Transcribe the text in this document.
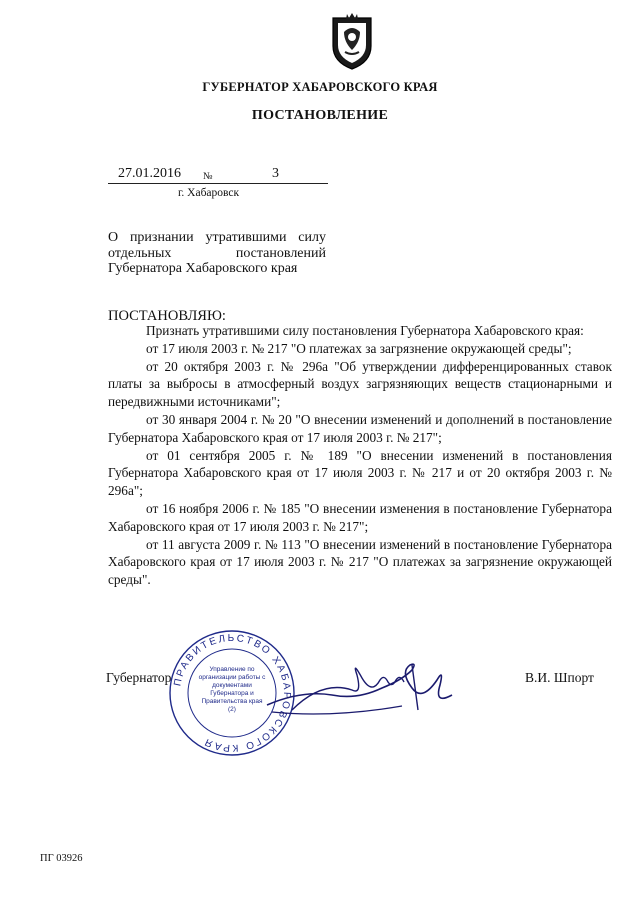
ГУБЕРНАТОР ХАБАРОВСКОГО КРАЯ
ПОСТАНОВЛЕНИЕ
27.01.2016 №	3
г. Хабаровск
О признании утратившими силу отдельных постановлений Губернатора Хабаровского края
ПОСТАНОВЛЯЮ:

Признать утратившими силу постановления Губернатора Хабаровского края:

от 17 июля 2003 г. № 217 "О платежах за загрязнение окружающей среды";

от 20 октября 2003 г. № 296а "Об утверждении дифференцированных ставок платы за выбросы в атмосферный воздух загрязняющих веществ стационарными и передвижными источниками";

от 30 января 2004 г. № 20 "О внесении изменений и дополнений в постановление Губернатора Хабаровского края от 17 июля 2003 г. № 217";

от 01 сентября 2005 г. № 189 "О внесении изменений в постановления Губернатора Хабаровского края от 17 июля 2003 г. № 217 и от 20 октября 2003 г. № 296а";

от 16 ноября 2006 г. № 185 "О внесении изменения в постановление Губернатора Хабаровского края от 17 июля 2003 г. № 217";

от 11 августа 2009 г. № 113 "О внесении изменений в постановление Губернатора Хабаровского края от 17 июля 2003 г. № 217 "О платежах за загрязнение окружающей среды".

Губернатор ПРАВИТЕЛЬСТВО ХАБАРОВСКОГО КРАЯ
Управление по организации работы с документами Губернатора и Правительства края (2)
В.И. Шпорт
ПГ 03926
